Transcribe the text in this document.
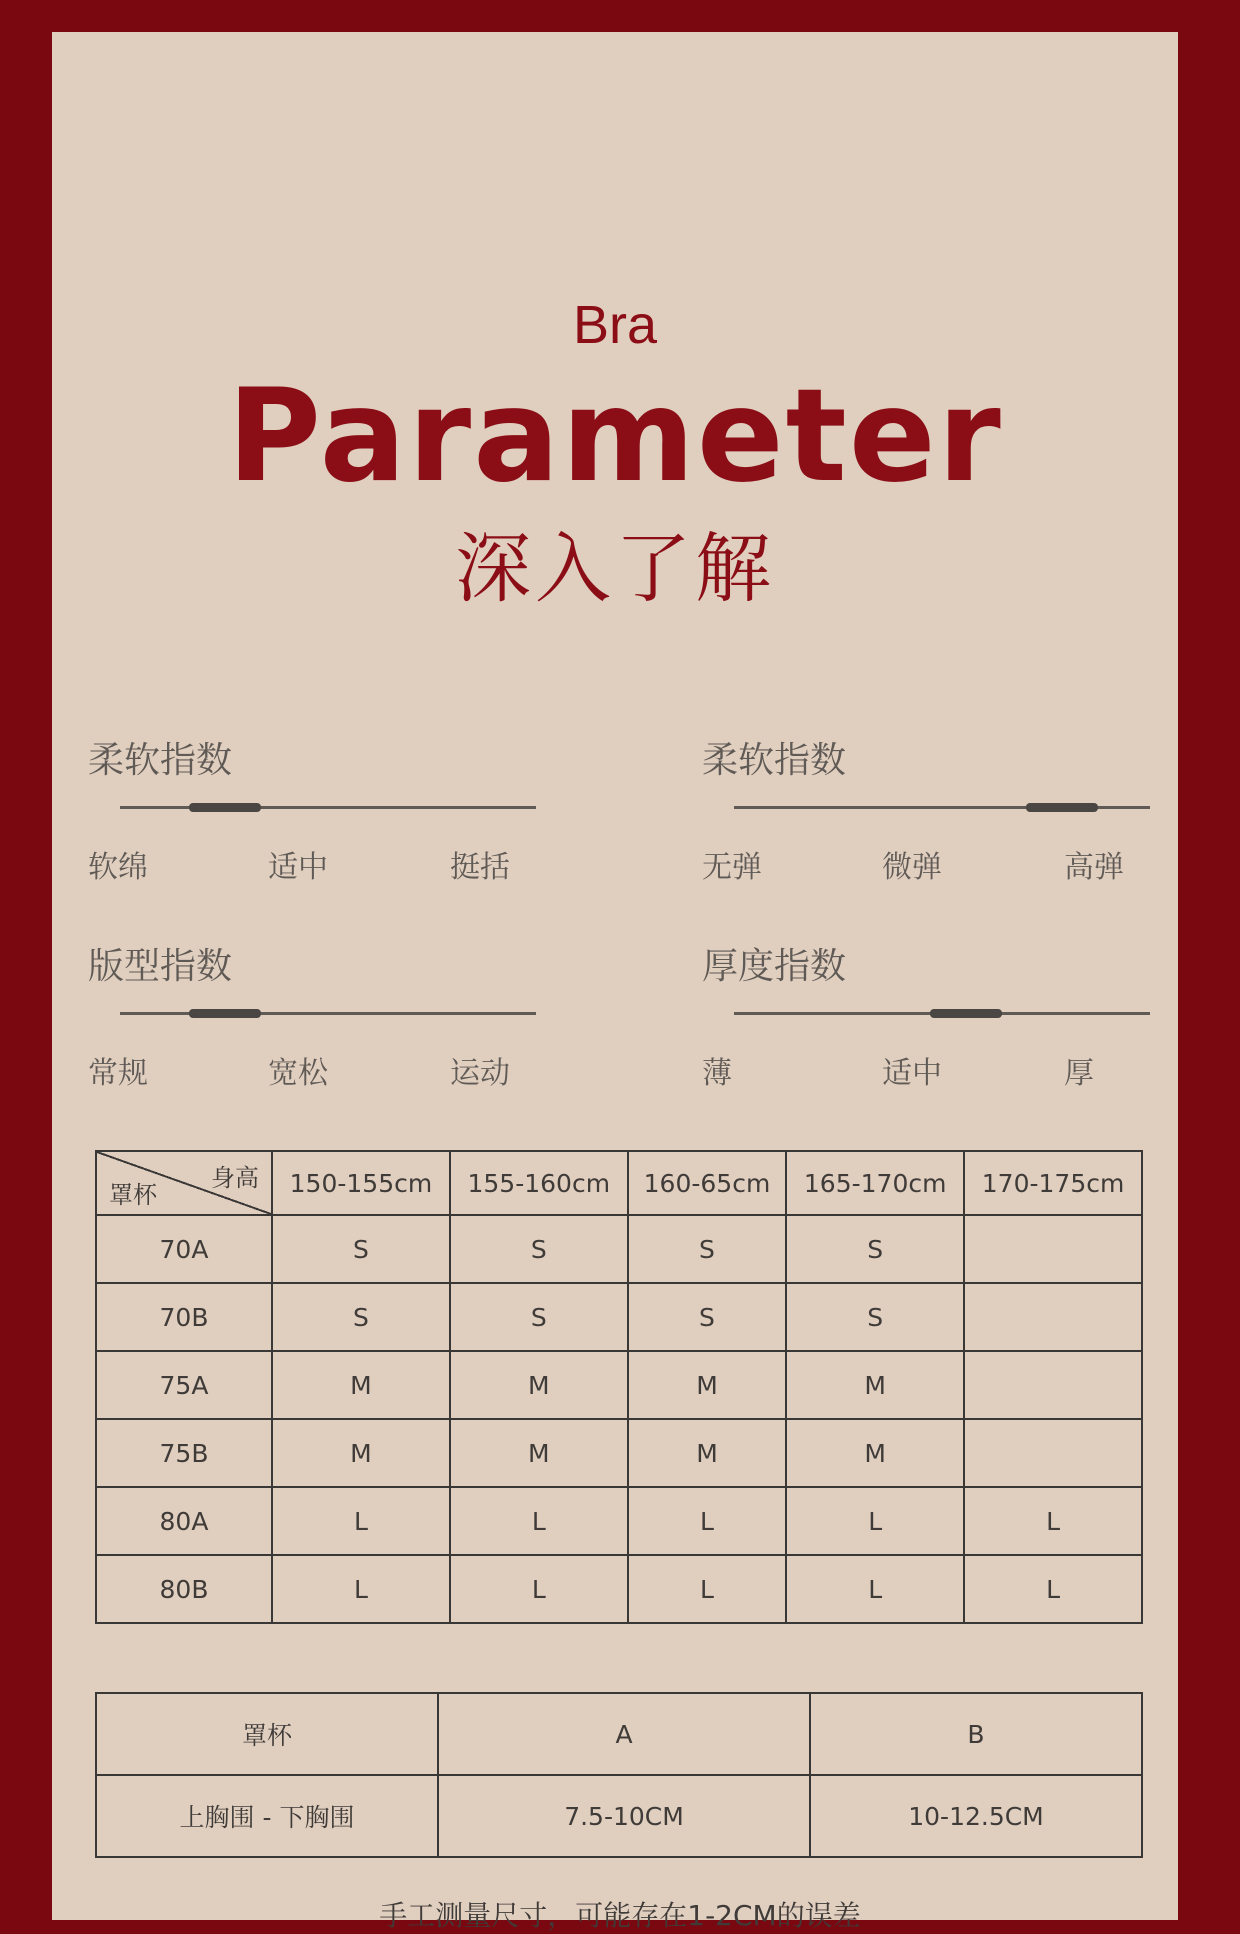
Bra
Parameter
深入了解
柔软指数
软绵	适中	挺括
柔软指数
无弹	微弹	高弹
版型指数
常规	宽松	运动
厚度指数
薄	适中	厚
身高
罩杯	150-155cm	155-160cm	160-65cm	165-170cm	170-175cm
70A	S	S	S	S	
70B	S	S	S	S	
75A	M	M	M	M	
75B	M	M	M	M	
80A	L	L	L	L	L
80B	L	L	L	L	L
罩杯	A	B
上胸围 - 下胸围	7.5-10CM	10-12.5CM
手工测量尺寸，可能存在1-2CM的误差
